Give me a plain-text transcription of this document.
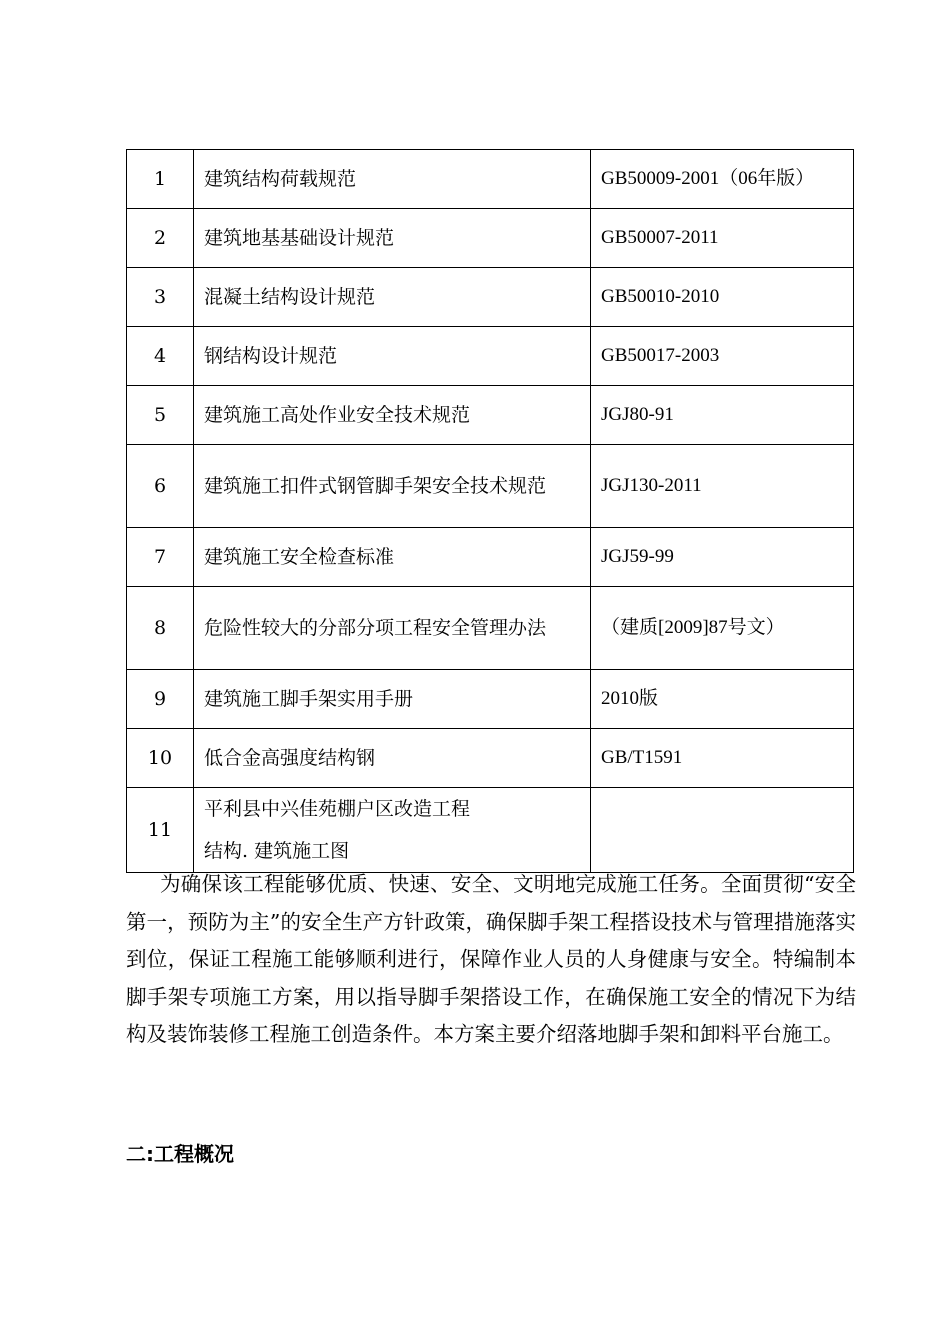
1	建筑结构荷载规范	GB50009-2001（06年版）
2	建筑地基基础设计规范	GB50007-2011
3	混凝土结构设计规范	GB50010-2010
4	钢结构设计规范	GB50017-2003
5	建筑施工高处作业安全技术规范	JGJ80-91
6	建筑施工扣件式钢管脚手架安全技术规范	JGJ130-2011
7	建筑施工安全检查标准	JGJ59-99
8	危险性较大的分部分项工程安全管理办法	（建质[2009]87号文）
9	建筑施工脚手架实用手册	2010版
10	低合金高强度结构钢	GB/T1591
11	平利县中兴佳苑棚户区改造工程
结构. 建筑施工图	

为确保该工程能够优质、快速、安全、文明地完成施工任务。全面贯彻“安全第一，预防为主”的安全生产方针政策，确保脚手架工程搭设技术与管理措施落实到位，保证工程施工能够顺利进行，保障作业人员的人身健康与安全。特编制本脚手架专项施工方案，用以指导脚手架搭设工作，在确保施工安全的情况下为结构及装饰装修工程施工创造条件。本方案主要介绍落地脚手架和卸料平台施工。

二:工程概况
